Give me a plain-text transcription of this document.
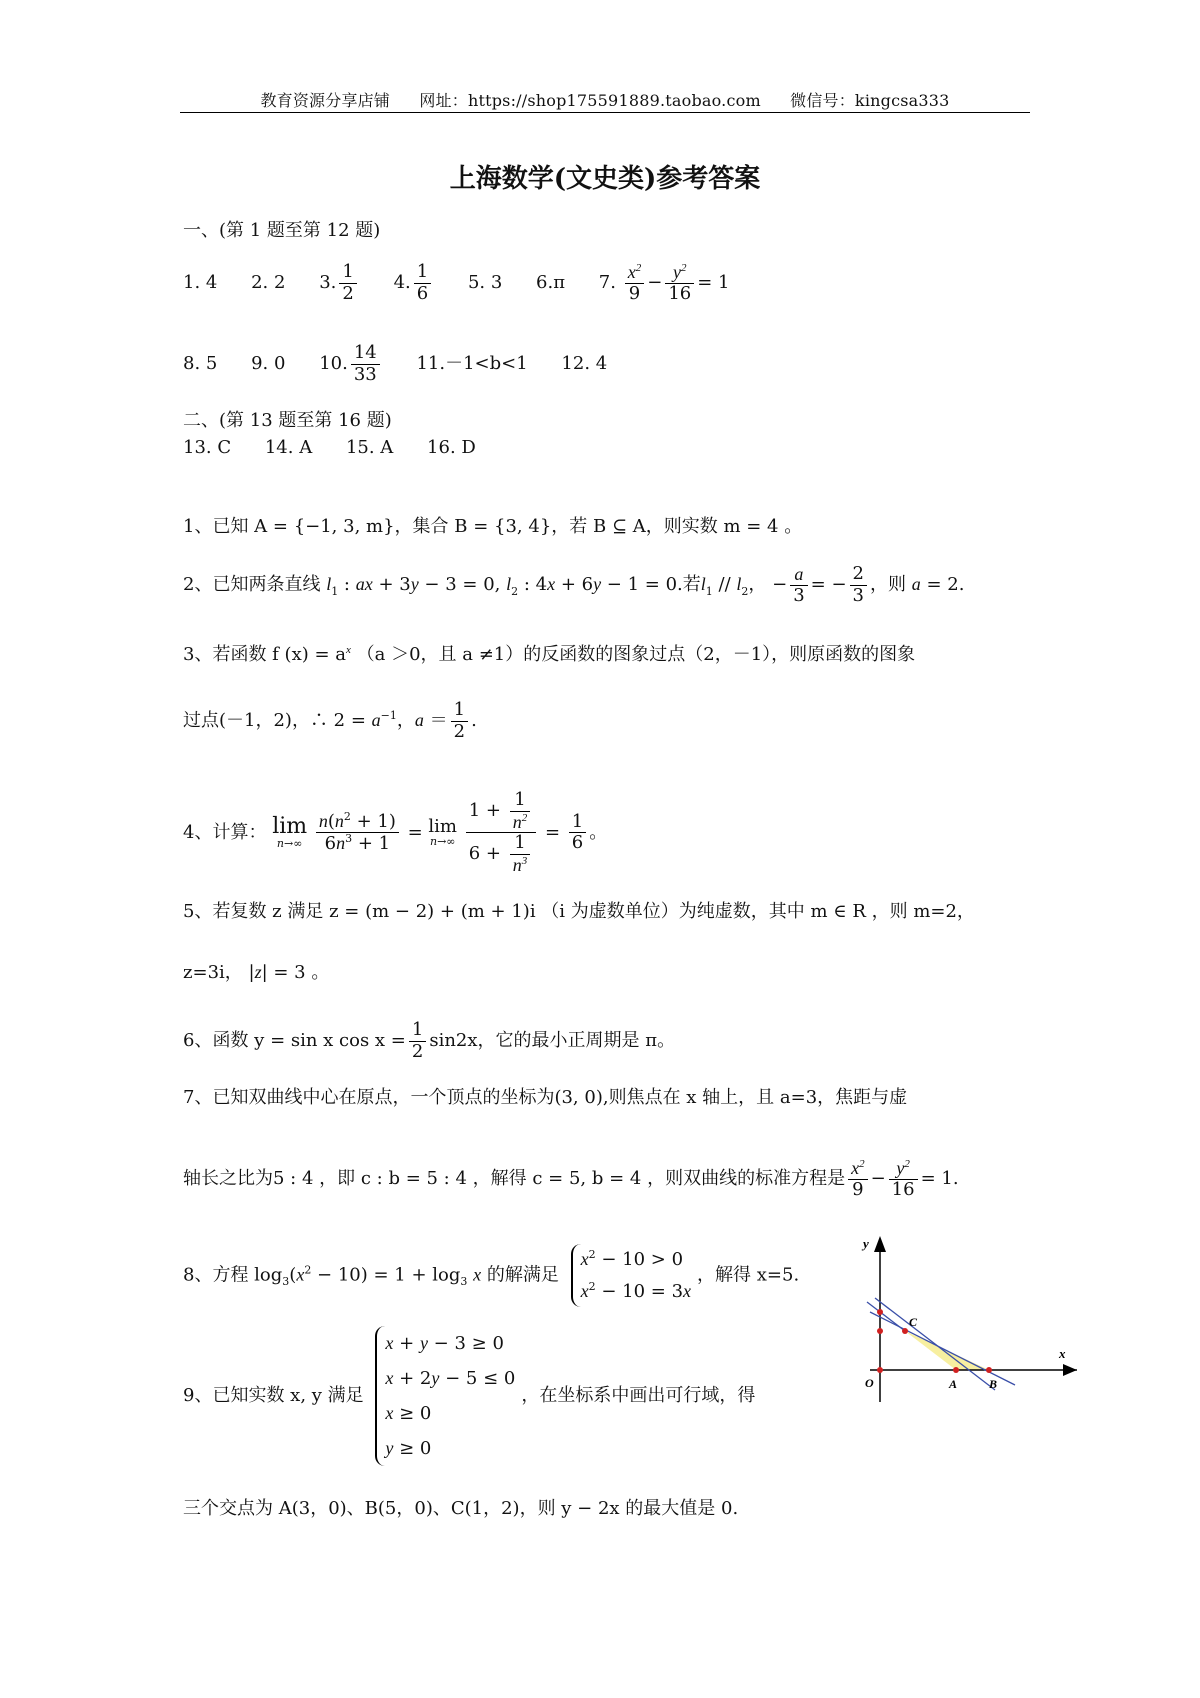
教育资源分享店铺 网址：https://shop175591889.taobao.com 微信号：kingcsa333
上海数学(文史类)参考答案
一、(第 1 题至第 12 题)
1. 4 2. 2 3. $\frac{1}{2} 4$. $\frac{1}{6} 5$. 3 6.π 7. $\frac{x^2}{9} - \frac{y^2}{16} = 1$
8. 5 9. 0 10. $\frac{14}{33} 11.-1<b<1$ 12. 4
二、(第 13 题至第 16 题)
13. C 14. A 15. A 16. D
1、已知 A = {−1, 3, m}，集合 B = {3, 4}，若 B ⊆ A，则实数 m = 4 。
2、已知两条直线 $l_1$ : ax + 3y − 3 = 0, $l_2$ : 4x + 6y − 1 = 0.若$l_1 // l_2$， − $\frac{a}{3}$ = − $\frac{2}{3}$ ，则 a = 2.
3、若函数 f $(x) = a^x$ （a ＞0，且 a ≠1）的反函数的图象过点（2，－1），则原函数的图象
过点(－1，2)，∴ $2 = a^{-1}$，$a = \frac{1}{2}$ .
4、计算： lim
n→∞
$\frac{n(n^2 + 1)}{6n^3 + 1} = \lim$
n→∞
$\frac{1 + \frac{1}{n^2}}{6 + \frac{1}{n^3}} = \frac{1}{6}$ 。
5、若复数 z 满足 z = (m − 2) + (m + 1)i （i 为虚数单位）为纯虚数，其中 m ∈ R ，则 m=2，
z=3i， |z| = 3 。
6、函数 y = sin x $\cos x = \frac{1}{2} \sin 2x$，它的最小正周期是 π。
7、已知双曲线中心在原点，一个顶点的坐标为(3, 0),则焦点在 x 轴上，且 a=3，焦距与虚
轴长之比为5 : 4 ，即 c : b = 5 : 4 ，解得 c = 5, b = 4 ，则双曲线的标准方程是 $\frac{x^2}{9} - \frac{y^2}{16} = 1$.
8、方程 $\log_3(x^2 - 10) = 1 + \log_3 x$ 的解满足
$x^2 - 10 > 0$
$x^2 - 10 = 3x$
，解得 x=5.
9、已知实数 x, y 满足
x + y − 3 ≥ 0
x + 2y − 5 ≤ 0
x ≥ 0
y ≥ 0
，在坐标系中画出可行域，得
三个交点为 A(3，0)、B(5，0)、C(1，2)，则 y − 2x 的最大值是 0.
y
x
O	A	B
C
